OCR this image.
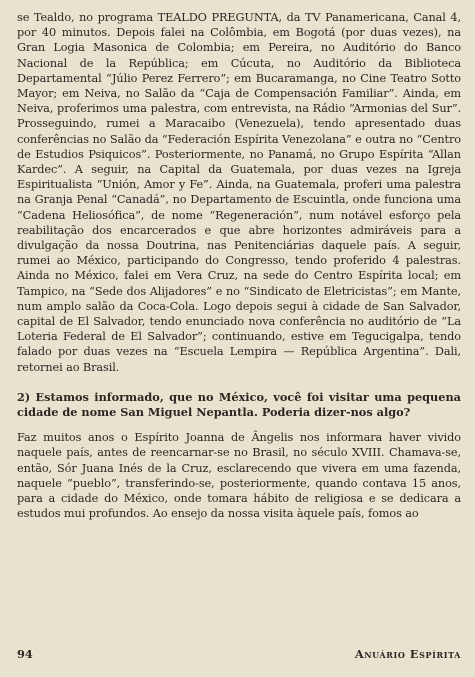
se Tealdo, no programa TEALDO PREGUNTA, da TV Panamericana, Canal 4, por 40 minutos. Depois falei na Colômbia, em Bogotá (por duas vezes), na Gran Logia Masonica de Colombia; em Pereira, no Auditório do Banco Nacional de la República; em Cúcuta, no Auditório da Biblioteca Departamental “Júlio Perez Ferrero”; em Bucaramanga, no Cine Teatro Sotto Mayor; em Neiva, no Salão da “Caja de Compensación Familiar”. Ainda, em Neiva, proferimos uma palestra, com entrevista, na Rádio “Armonias del Sur”. Prosseguindo, rumei a Maracaibo (Venezuela), tendo apresentado duas conferências no Salão da “Federación Espírita Venezolana” e outra no “Centro de Estudios Psiquicos”. Posteriormente, no Panamá, no Grupo Espírita “Allan Kardec”. A seguir, na Capital da Guatemala, por duas vezes na Igreja Espiritualista “Unión, Amor y Fe”. Ainda, na Guatemala, proferi uma palestra na Granja Penal “Canadá”, no Departamento de Escuintla, onde funciona uma “Cadena Heliosófica”, de nome “Regeneración”, num notável esforço pela reabilitação dos encarcerados e que abre horizontes admiráveis para a divulgação da nossa Doutrina, nas Penitenciárias daquele país. A seguir, rumei ao México, participando do Congresso, tendo proferido 4 palestras. Ainda no México, falei em Vera Cruz, na sede do Centro Espírita local; em Tampico, na “Sede dos Alijadores” e no “Sindicato de Eletricistas”; em Mante, num amplo salão da Coca-Cola. Logo depois segui à cidade de San Salvador, capital de El Salvador, tendo enunciado nova conferência no auditório de “La Loteria Federal de El Salvador”; continuando, estive em Tegucigalpa, tendo falado por duas vezes na “Escuela Lempira — República Argentina”. Dali, retornei ao Brasil.

2) Estamos informado, que no México, você foi visitar uma pequena cidade de nome San Miguel Nepantla. Poderia dizer-nos algo?

Faz muitos anos o Espírito Joanna de Ângelis nos informara haver vivido naquele país, antes de reencarnar-se no Brasil, no século XVIII. Chamava-se, então, Sór Juana Inés de la Cruz, esclarecendo que vivera em uma fazenda, naquele “pueblo”, transferindo-se, posteriormente, quando contava 15 anos, para a cidade do México, onde tomara hábito de religiosa e se dedicara a estudos mui profundos. Ao ensejo da nossa visita àquele país, fomos ao

94	Anuário Espírita
